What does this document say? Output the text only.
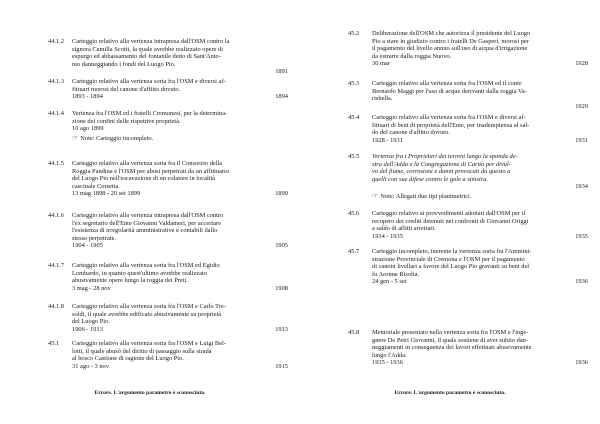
44.1.2	Carteggio relativo alla vertenza intrapresa dall'OSM contro la
signora Camilla Scotti, la quale avrebbe realizzato opere di
espurgo ed abbassamento del fontanile detto di Sant'Anto-
nio danneggiando i fondi del Luogo Pio.
1891

44.1.3	Carteggio relativo alla vertenza sorta fra l'OSM e diversi af-
fittuari morosi del canone d'affitto dovuto.
1893 - 1894	1894

44.1.4	Vertenza fra l'OSM ed i fratelli Cremonesi, per la determina-
zione dei confini delle rispettive proprietà.
10 ago 1899

☞ Note: Carteggio incompleto.
44.1.5	Carteggio relativo alla vertenza sorta fra il Consorzio della
Roggia Pandina e l'OSM per abusi perpetrati da un affittuario
del Luogo Pio nell'escavazione di un colatore in località
cascinale Corsetta.
13 mag 1898 - 20 set 1899	1899

44.1.6	Carteggio relativo alla vertenza intrapresa dall'OSM contro
l'ex segretario dell'Ente Giovanni Valdameri, per accertare
l'esistenza di irregolarità amministrative e contabili dallo
stesso perpetrate.
1904 - 1905	1905

44.1.7	Carteggio relativo alla vertenza sorta fra l'OSM ed Egidio
Lombardo, in quanto quest'ultimo avrebbe realizzato
abusivamente opere lungo la roggia dei Preti.
3 mag - 28 nov	1908

44.1.8	Carteggio relativo alla vertenza sorta fra l'OSM e Carlo Tre-
soldi, il quale avrebbe edificato abusivamente su proprietà
del Luogo Pio.
1906 - 1913	1913

45.1	Carteggio relativo alla vertenza sorta fra l'OSM e Luigi Bel-
lotti, il quale abusò del diritto di passaggio sulla strada
al bosco Castione di ragione del Luogo Pio.
31 ago - 3 nov	1915

Errore. L'argomento parametro è sconosciuto.
45.2	Deliberazione dell'OSM che autorizza il presidente del Luogo
Pio a stare in giudizio contro i fratelli De Gasperi, morosi per
il pagamento del livello annuo sull'uso di acqua d'irrigazione
da estrarre dalla roggia Nuovo.
30 mar	1928

45.3	Carteggio relativo alla vertenza sorta fra l'OSM ed il conte
Bernardo Maggi per l'uso di acque derivanti dalla roggia Va-
rishella.
1929

45.4	Carteggio relativo alla vertenza sorta fra l'OSM e diversi af-
fittuari di beni di proprietà dell'Ente, per inadempienza al sal-
do del canone d'affitto dovuto.
1928 - 1931	1931

45.5	Vertenza fra i Proprietari dei terreni lungo la sponda de-
stra dell'Adda e la Congregazione di Carità per divul-
vo del fiume, corrosioni e danni provocati da questo a
quelli con sue difese contro le gole a sinistra.
1934

☞ Note: Allegati due tipi planimetrici.
45.6	Carteggio relativo ai provvedimenti adottati dall'OSM per il
recupero dei crediti detenuti nei confronti di Giovanni Origgi
a saldo di affitti arretrati.
1934 - 1935	1935

45.7	Carteggio incompleto, inerente la vertenza sorta fra l'Ammini-
strazione Provinciale di Cremona e l'OSM per il pagamento
di canoni livellari a favore del Luogo Pio gravanti su beni del
fu Aronne Risolta.
24 gen - 5 set	1936

45.8	Memoriale presentato nella vertenza sorta fra l'OSM e l'inge-
gnere De Petri Giovanni, il quale sostiene di aver subito dan-
neggiamenti in conseguenza dei lavori effettuati abusivamente
lungo l'Adda.
1935 - 1936	1936

Errore. L'argomento parametro è sconosciuto.
